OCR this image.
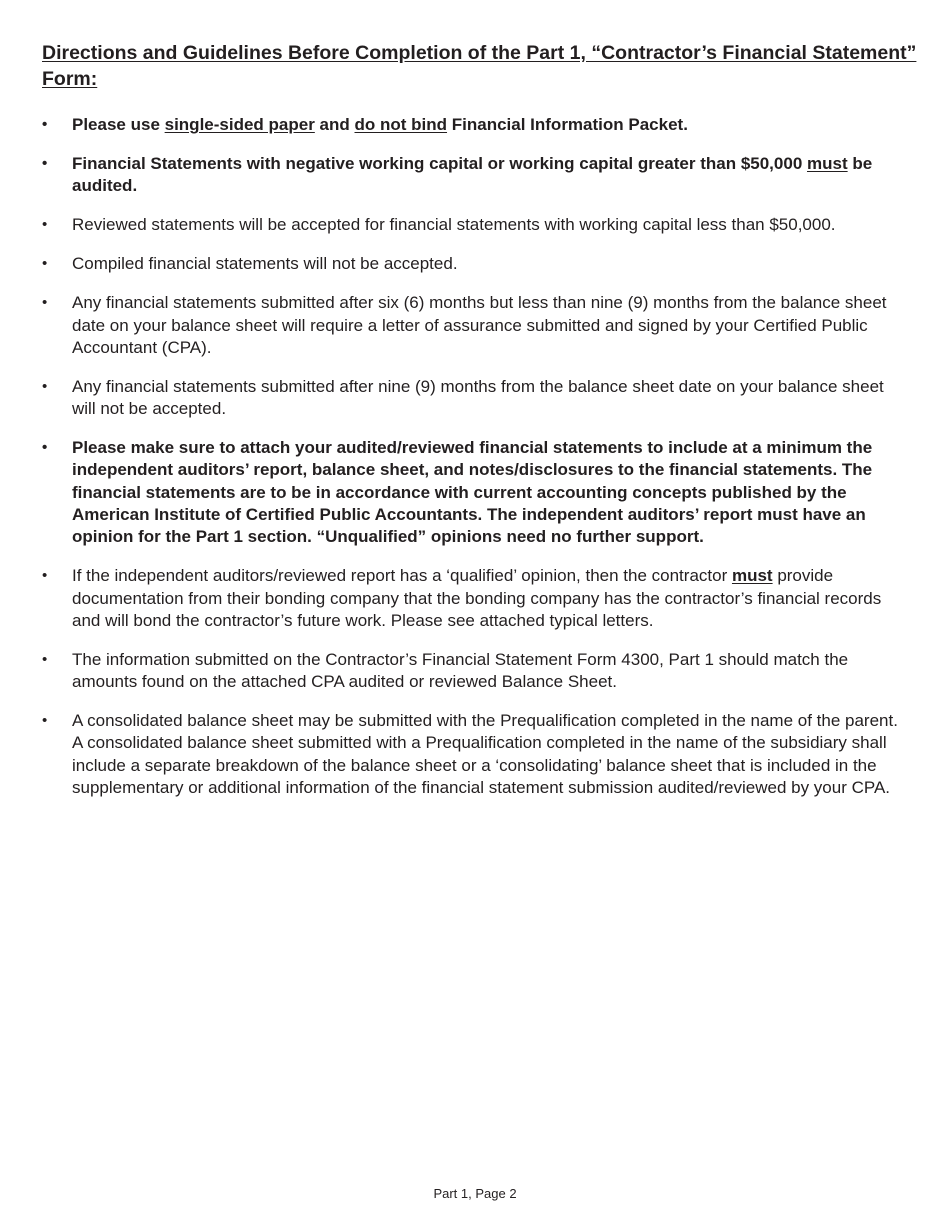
Directions and Guidelines Before Completion of the Part 1, “Contractor’s Financial Statement” Form:
• Please use single-sided paper and do not bind Financial Information Packet.
• Financial Statements with negative working capital or working capital greater than $50,000 must be audited.
• Reviewed statements will be accepted for financial statements with working capital less than $50,000.
• Compiled financial statements will not be accepted.
• Any financial statements submitted after six (6) months but less than nine (9) months from the balance sheet date on your balance sheet will require a letter of assurance submitted and signed by your Certified Public Accountant (CPA).
• Any financial statements submitted after nine (9) months from the balance sheet date on your balance sheet will not be accepted.
• Please make sure to attach your audited/reviewed financial statements to include at a minimum the independent auditors’ report, balance sheet, and notes/disclosures to the financial statements. The financial statements are to be in accordance with current accounting concepts published by the American Institute of Certified Public Accountants. The independent auditors’ report must have an opinion for the Part 1 section. “Unqualified” opinions need no further support.
• If the independent auditors/reviewed report has a ‘qualified’ opinion, then the contractor must provide documentation from their bonding company that the bonding company has the contractor’s financial records and will bond the contractor’s future work. Please see attached typical letters.
• The information submitted on the Contractor’s Financial Statement Form 4300, Part 1 should match the amounts found on the attached CPA audited or reviewed Balance Sheet.
• A consolidated balance sheet may be submitted with the Prequalification completed in the name of the parent. A consolidated balance sheet submitted with a Prequalification completed in the name of the subsidiary shall include a separate breakdown of the balance sheet or a ‘consolidating’ balance sheet that is included in the supplementary or additional information of the financial statement submission audited/reviewed by your CPA.
Part 1, Page 2
